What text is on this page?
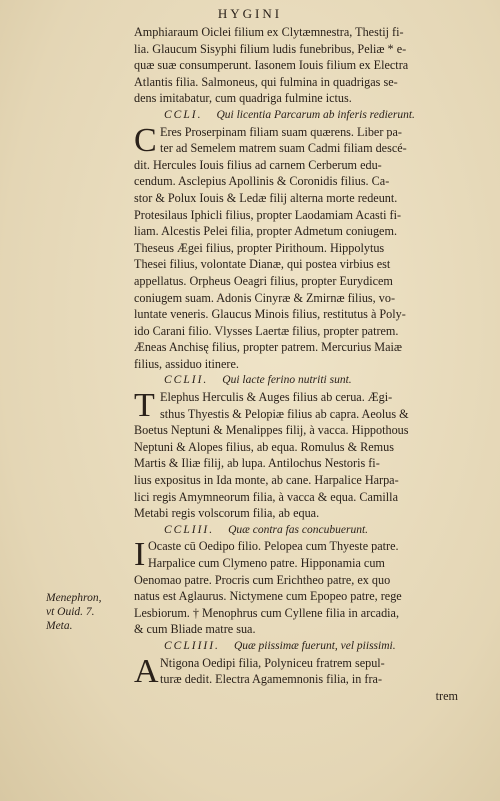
HYGINI
Amphiaraum Oiclei filium ex Clytæmnestra, Thestij fi-
lia. Glaucum Sisyphi filium ludis funebribus, Peliæ * e-
quæ suæ consumperunt. Iasonem Iouis filium ex Electra
Atlantis filia. Salmoneus, qui fulmina in quadrigas se-
dens imitabatur, cum quadriga fulmine ictus.
CCLI. Qui licentia Parcarum ab inferis redierunt.
C Eres Proserpinam filiam suam quærens. Liber pa-
ter ad Semelem matrem suam Cadmi filiam descé-
dit. Hercules Iouis filius ad carnem Cerberum edu-
cendum. Asclepius Apollinis & Coronidis filius. Ca-
stor & Polux Iouis & Ledæ filij alterna morte redeunt.
Protesilaus Iphicli filius, propter Laodamiam Acasti fi-
liam. Alcestis Pelei filia, propter Admetum coniugem.
Theseus Ægei filius, propter Pirithoum. Hippolytus
Thesei filius, volontate Dianæ, qui postea virbius est
appellatus. Orpheus Oeagri filius, propter Eurydicem
coniugem suam. Adonis Cinyræ & Zmirnæ filius, vo-
luntate veneris. Glaucus Minois filius, restitutus à Poly-
ido Carani filio. Vlysses Laertæ filius, propter patrem.
Æneas Anchisę filius, propter patrem. Mercurius Maiæ
filius, assiduo itinere.
CCLII. Qui lacte ferino nutriti sunt.
T Elephus Herculis & Auges filius ab cerua. Ægi-
sthus Thyestis & Pelopiæ filius ab capra. Aeolus &
Boetus Neptuni & Menalippes filij, à vacca. Hippothous
Neptuni & Alopes filius, ab equa. Romulus & Remus
Martis & Iliæ filij, ab lupa. Antilochus Nestoris fi-
lius expositus in Ida monte, ab cane. Harpalice Harpa-
lici regis Amymneorum filia, à vacca & equa. Camilla
Metabi regis volscorum filia, ab equa.
CCLIII. Quæ contra fas concubuerunt.
I Ocaste cū Oedipo filio. Pelopea cum Thyeste patre.
Harpalice cum Clymeno patre. Hipponamia cum
Oenomao patre. Procris cum Erichtheo patre, ex quo
natus est Aglaurus. Nictymene cum Epopeo patre, rege
Lesbiorum. † Menophrus cum Cyllene filia in arcadia,
& cum Bliade matre sua.
CCLIIII. Quæ piissimæ fuerunt, vel piissimi.
A Ntigona Oedipi filia, Polyniceu fratrem sepul-
turæ dedit. Electra Agamemnonis filia, in fra-
trem
Menephron,
vt Ouid. 7.
Meta.
